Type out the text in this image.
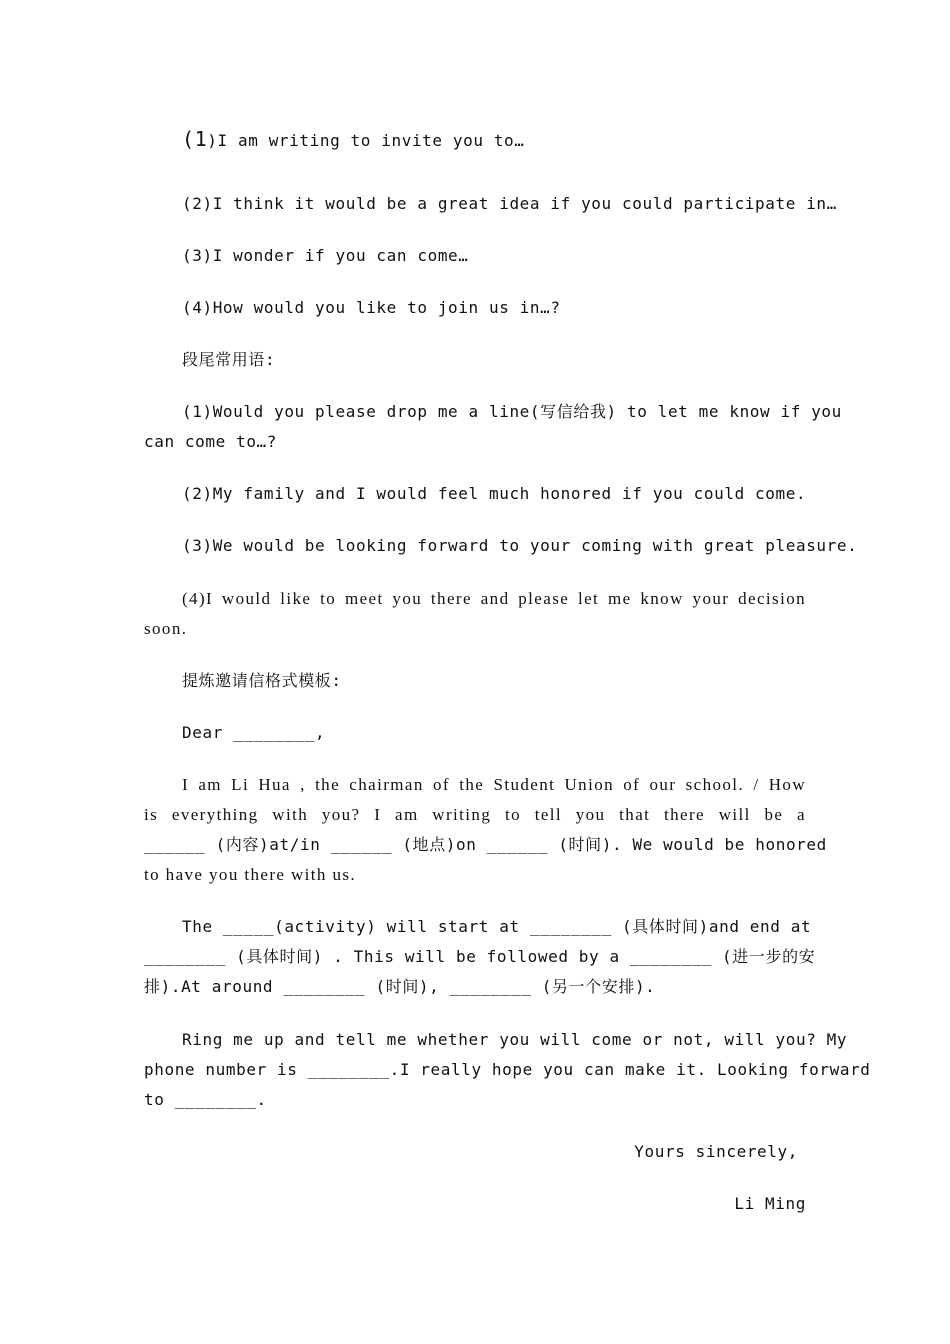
(1)I am writing to invite you to…

(2)I think it would be a great idea if you could participate in…

(3)I wonder if you can come…

(4)How would you like to join us in…?

段尾常用语:

(1)Would you please drop me a line(写信给我) to let me know if you

can come to…?

(2)My family and I would feel much honored if you could come.

(3)We would be looking forward to your coming with great pleasure.

(4)I would like to meet you there and please let me know your decision

soon.

提炼邀请信格式模板:

Dear ________,

I am Li Hua , the chairman of the Student Union of our school. / How

is everything with you? I am writing to tell you that there will be a

______ (内容)at/in ______ (地点)on ______ (时间). We would be honored

to have you there with us.

The _____(activity) will start at ________ (具体时间)and end at

________ (具体时间) . This will be followed by a ________ (进一步的安

排).At around ________ (时间), ________ (另一个安排).

Ring me up and tell me whether you will come or not, will you? My

phone number is ________.I really hope you can make it. Looking forward

to ________.

Yours sincerely,

Li Ming
